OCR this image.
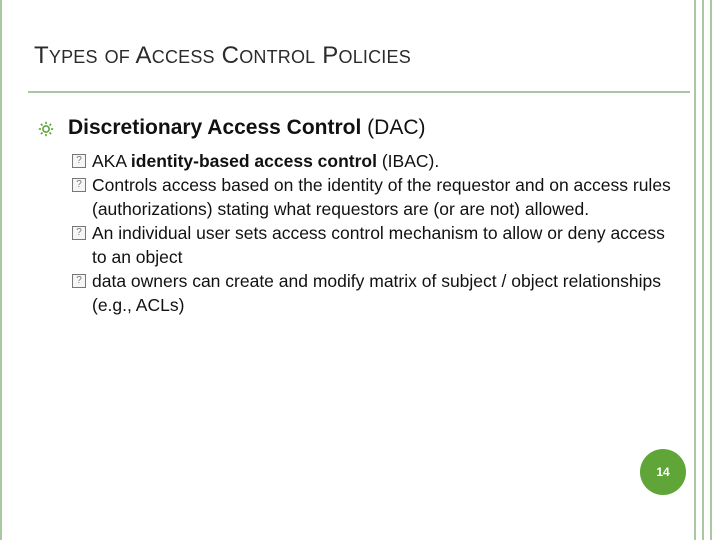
TYPES OF ACCESS CONTROL POLICIES
Discretionary Access Control (DAC)
? AKA identity-based access control (IBAC).
? Controls access based on the identity of the requestor and on access rules (authorizations) stating what requestors are (or are not) allowed.
? An individual user sets access control mechanism to allow or deny access to an object
? data owners can create and modify matrix of subject / object relationships (e.g., ACLs)
14
